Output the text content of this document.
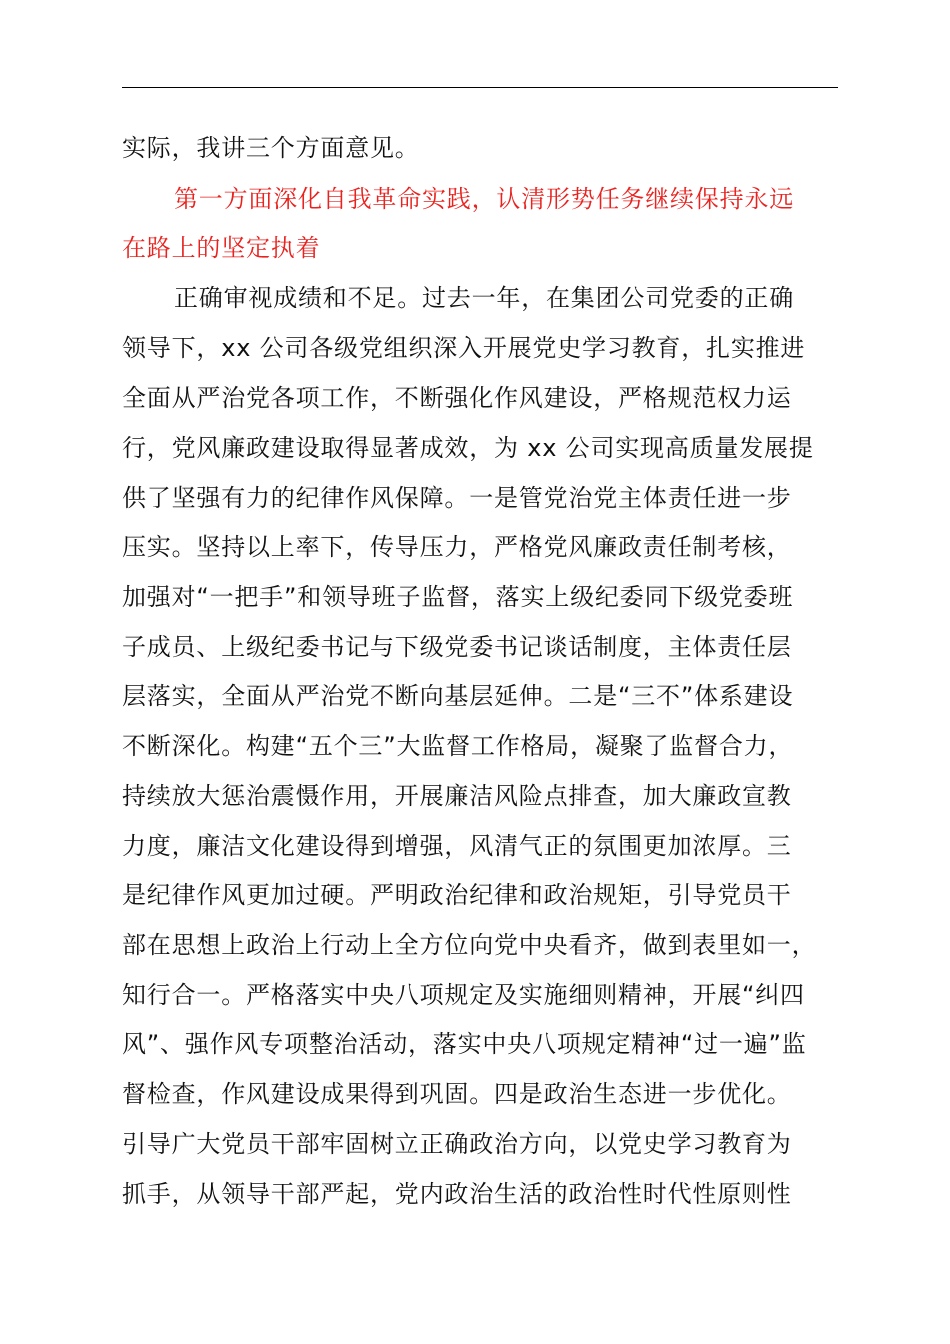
实际，我讲三个方面意见。
第一方面深化自我革命实践，认清形势任务继续保持永远
在路上的坚定执着
正确审视成绩和不足。过去一年，在集团公司党委的正确
领导下，xx 公司各级党组织深入开展党史学习教育，扎实推进
全面从严治党各项工作，不断强化作风建设，严格规范权力运
行，党风廉政建设取得显著成效，为 xx 公司实现高质量发展提
供了坚强有力的纪律作风保障。一是管党治党主体责任进一步
压实。坚持以上率下，传导压力，严格党风廉政责任制考核，
加强对“一把手”和领导班子监督，落实上级纪委同下级党委班
子成员、上级纪委书记与下级党委书记谈话制度，主体责任层
层落实，全面从严治党不断向基层延伸。二是“三不”体系建设
不断深化。构建“五个三”大监督工作格局，凝聚了监督合力，
持续放大惩治震慑作用，开展廉洁风险点排查，加大廉政宣教
力度，廉洁文化建设得到增强，风清气正的氛围更加浓厚。三
是纪律作风更加过硬。严明政治纪律和政治规矩，引导党员干
部在思想上政治上行动上全方位向党中央看齐，做到表里如一，
知行合一。严格落实中央八项规定及实施细则精神，开展“纠四
风”、强作风专项整治活动，落实中央八项规定精神“过一遍”监
督检查，作风建设成果得到巩固。四是政治生态进一步优化。
引导广大党员干部牢固树立正确政治方向，以党史学习教育为
抓手，从领导干部严起，党内政治生活的政治性时代性原则性
